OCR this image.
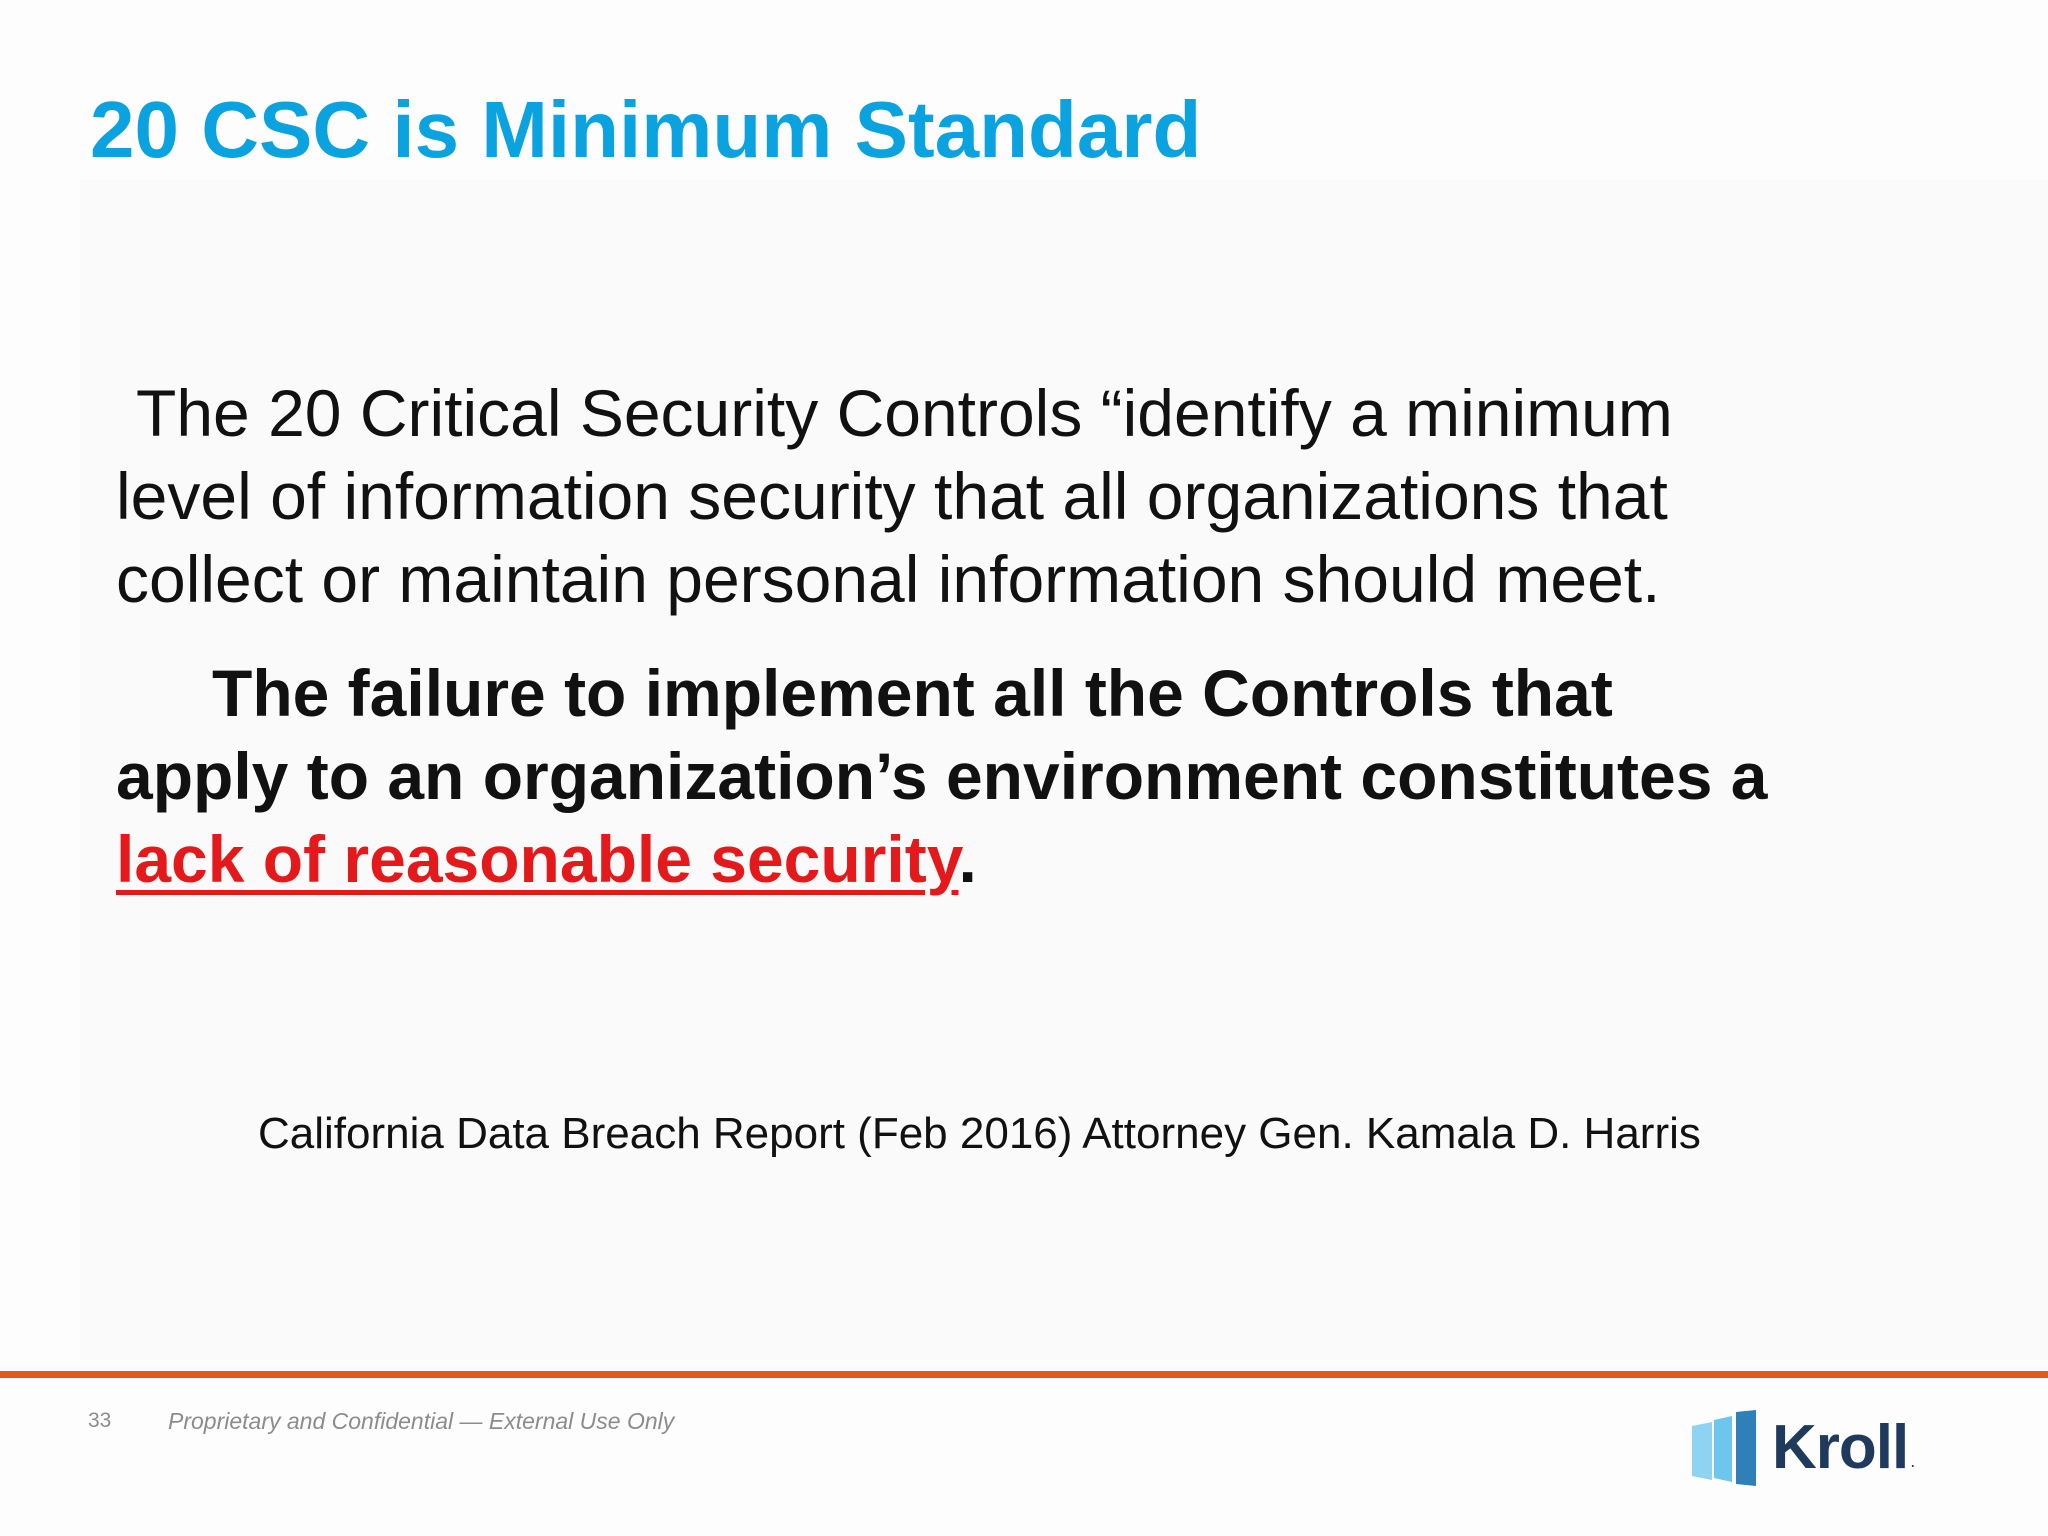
20 CSC is Minimum Standard

The 20 Critical Security Controls “identify a minimum
level of information security that all organizations that
collect or maintain personal information should meet.

The failure to implement all the Controls that
apply to an organization’s environment constitutes a
lack of reasonable security.

California Data Breach Report (Feb 2016) Attorney Gen. Kamala D. Harris

33 Proprietary and Confidential — External Use Only	Kroll .
